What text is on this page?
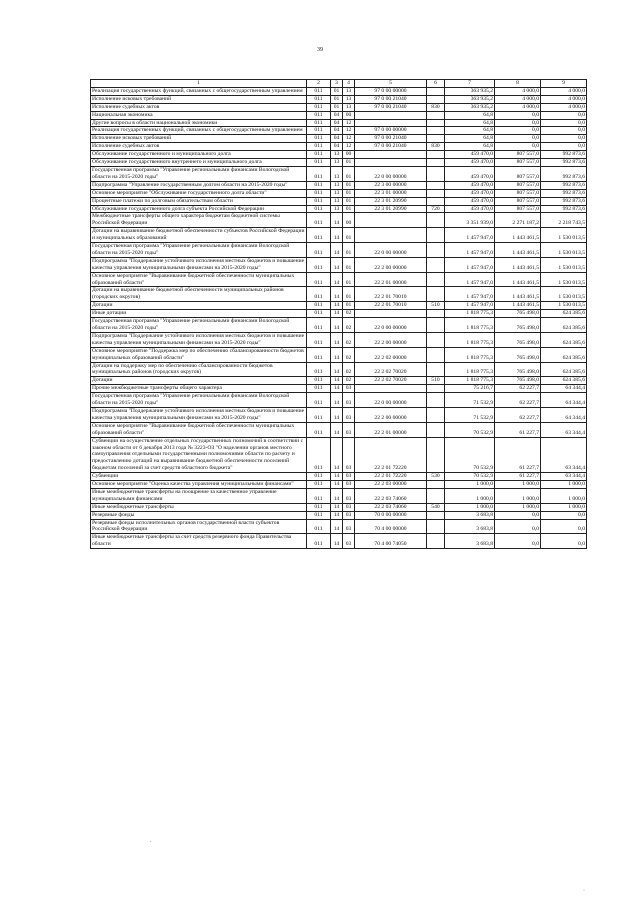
39
1	2	3	4	5	6	7	8	9
Реализация государственных функций, связанных с общегосударственным управлением	011	01	13	97 0 00 00000		363 935,2	4 000,0	4 000,0
Исполнение исковых требований	011	01	13	97 0 00 21040		363 935,2	4 000,0	4 000,0
Исполнение судебных актов	011	01	13	97 0 00 21040	830	363 935,2	4 000,0	4 000,0
Национальная экономика	011	04	00			64,8	0,0	0,0
Другие вопросы в области национальной экономики	011	04	12			64,8	0,0	0,0
Реализация государственных функций, связанных с общегосударственным управлением	011	04	12	97 0 00 00000		64,8	0,0	0,0
Исполнение исковых требований	011	04	12	97 0 00 21040		64,8	0,0	0,0
Исполнение судебных актов	011	04	12	97 0 00 21040	830	64,8	0,0	0,0
Обслуживание государственного и муниципального долга	011	13	00			459 470,0	807 557,0	992 873,6
Обслуживание государственного внутреннего и муниципального долга	011	13	01			459 470,0	807 557,0	992 873,6
Государственная программа "Управление региональными финансами Вологодской области на 2015-2020 годы"	011	13	01	22 0 00 00000		459 470,0	807 557,0	992 873,6
Подпрограмма "Управление государственным долгом области на 2015-2020 годы"	011	13	01	22 3 00 00000		459 470,0	807 557,0	992 873,6
Основное мероприятие "Обслуживание государственного долга области"	011	13	01	22 3 01 00000		459 470,0	807 557,0	992 873,6
Процентные платежи по долговым обязательствам области	011	13	01	22 3 01 20990		459 470,0	807 557,0	992 873,6
Обслуживание государственного долга субъекта Российской Федерации	011	13	01	22 3 01 20990	720	459 470,0	807 557,0	992 873,6
Межбюджетные трансферты общего характера бюджетам бюджетной системы Российской Федерации	011	14	00			3 351 939,0	2 271 187,2	2 218 743,5
Дотации на выравнивание бюджетной обеспеченности субъектов Российской Федерации и муниципальных образований	011	14	01			1 457 947,0	1 443 461,5	1 530 013,5
Государственная программа "Управление региональными финансами Вологодской области на 2015-2020 годы"	011	14	01	22 0 00 00000		1 457 947,0	1 443 461,5	1 530 013,5
Подпрограмма "Поддержание устойчивого исполнения местных бюджетов и повышение качества управления муниципальными финансами на 2015-2020 годы"	011	14	01	22 2 00 00000		1 457 947,0	1 443 461,5	1 530 013,5
Основное мероприятие "Выравнивание бюджетной обеспеченности муниципальных образований области"	011	14	01	22 2 01 00000		1 457 947,0	1 443 461,5	1 530 013,5
Дотации на выравнивание бюджетной обеспеченности муниципальных районов (городских округов)	011	14	01	22 2 01 70010		1 457 947,0	1 443 461,5	1 530 013,5
Дотации	011	14	01	22 2 01 70010	510	1 457 947,0	1 443 461,5	1 530 013,5
Иные дотации	011	14	02			1 818 775,3	765 498,0	624 385,6
Государственная программа "Управление региональными финансами Вологодской области на 2015-2020 годы"	011	14	02	22 0 00 00000		1 818 775,3	765 498,0	624 385,6
Подпрограмма "Поддержание устойчивого исполнения местных бюджетов и повышение качества управления муниципальными финансами на 2015-2020 годы"	011	14	02	22 2 00 00000		1 818 775,3	765 498,0	624 385,6
Основное мероприятие "Поддержка мер по обеспечению сбалансированности бюджетов муниципальных образований области"	011	14	02	22 2 02 00000		1 818 775,3	765 498,0	624 385,6
Дотации на поддержку мер по обеспечению сбалансированности бюджетов муниципальных районов (городских округов)	011	14	02	22 2 02 70020		1 818 775,3	765 498,0	624 385,6
Дотации	011	14	02	22 2 02 70020	510	1 818 775,3	765 498,0	624 385,6
Прочие межбюджетные трансферты общего характера	011	14	03			75 216,7	62 227,7	64 344,4
Государственная программа "Управление региональными финансами Вологодской области на 2015-2020 годы"	011	14	03	22 0 00 00000		71 532,9	62 227,7	64 344,4
Подпрограмма "Поддержание устойчивого исполнения местных бюджетов и повышение качества управления муниципальными финансами на 2015-2020 годы"	011	14	03	22 2 00 00000		71 532,9	62 227,7	64 344,4
Основное мероприятие "Выравнивание бюджетной обеспеченности муниципальных образований области"	011	14	03	22 2 01 00000		70 532,9	61 227,7	63 344,4
Субвенции на осуществление отдельных государственных полномочий в соответствии с законом области от 6 декабря 2013 года № 3223-ОЗ "О наделении органов местного самоуправления отдельными государственными полномочиями области по расчету и предоставлению дотаций на выравнивание бюджетной обеспеченности поселений бюджетам поселений за счет средств областного бюджета"	011	14	03	22 2 01 72220		70 532,9	61 227,7	63 344,4
Субвенции	011	14	03	22 2 01 72220	530	70 532,9	61 227,7	63 344,4
Основное мероприятие "Оценка качества управления муниципальными финансами"	011	14	03	22 2 03 00000		1 000,0	1 000,0	1 000,0
Иные межбюджетные трансферты на поощрение за качественное управление муниципальными финансами	011	14	03	22 2 03 74060		1 000,0	1 000,0	1 000,0
Иные межбюджетные трансферты	011	14	03	22 2 03 74060	540	1 000,0	1 000,0	1 000,0
Резервные фонды	011	14	03	70 0 00 00000		3 683,8	0,0	0,0
Резервные фонды исполнительных органов государственной власти субъектов Российской Федерации	011	14	03	70 4 00 00000		3 683,8	0,0	0,0
Иные межбюджетные трансферты за счет средств резервного фонда Правительства области	011	14	03	70 4 00 74050		3 683,8	0,0	0,0
.
·
